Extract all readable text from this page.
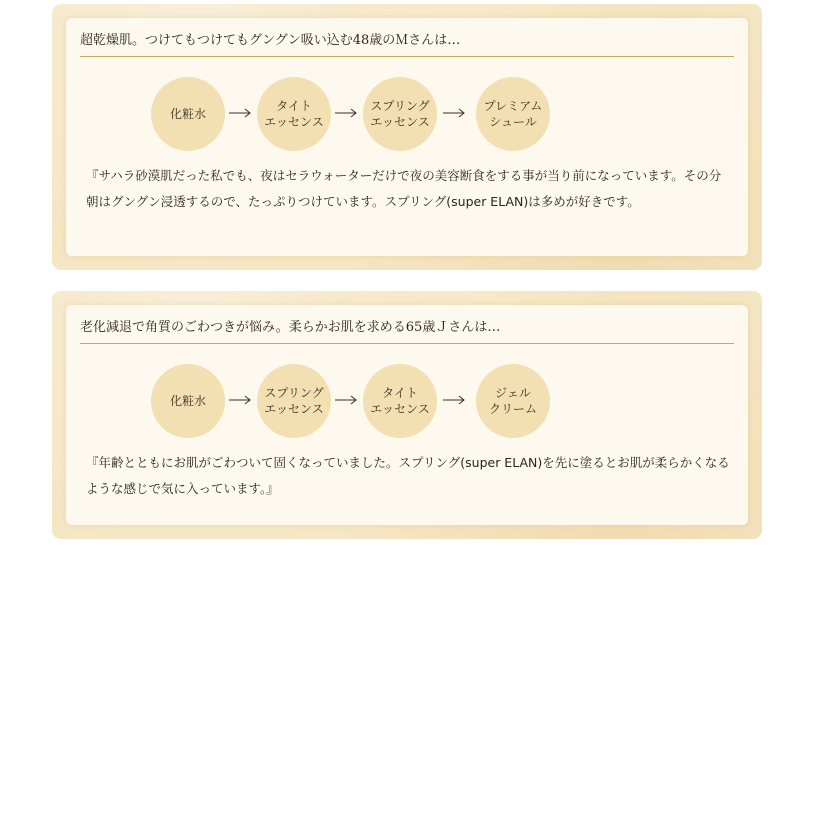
超乾燥肌。つけてもつけてもグングン吸い込む48歳のＭさんは…
化粧水
タイト
エッセンス
スプリング
エッセンス
プレミアム
シュール
『サハラ砂漠肌だった私でも、夜はセラウォーターだけで夜の美容断食をする事が当り前になっています。その分朝はグングン浸透するので、たっぷりつけています。スプリング(super ELAN)は多めが好きです。
老化減退で角質のごわつきが悩み。柔らかお肌を求める65歳Ｊさんは…
化粧水
スプリング
エッセンス
タイト
エッセンス
ジェル
クリーム
『年齢とともにお肌がごわついて固くなっていました。スプリング(super ELAN)を先に塗るとお肌が柔らかくなるような感じで気に入っています。』
